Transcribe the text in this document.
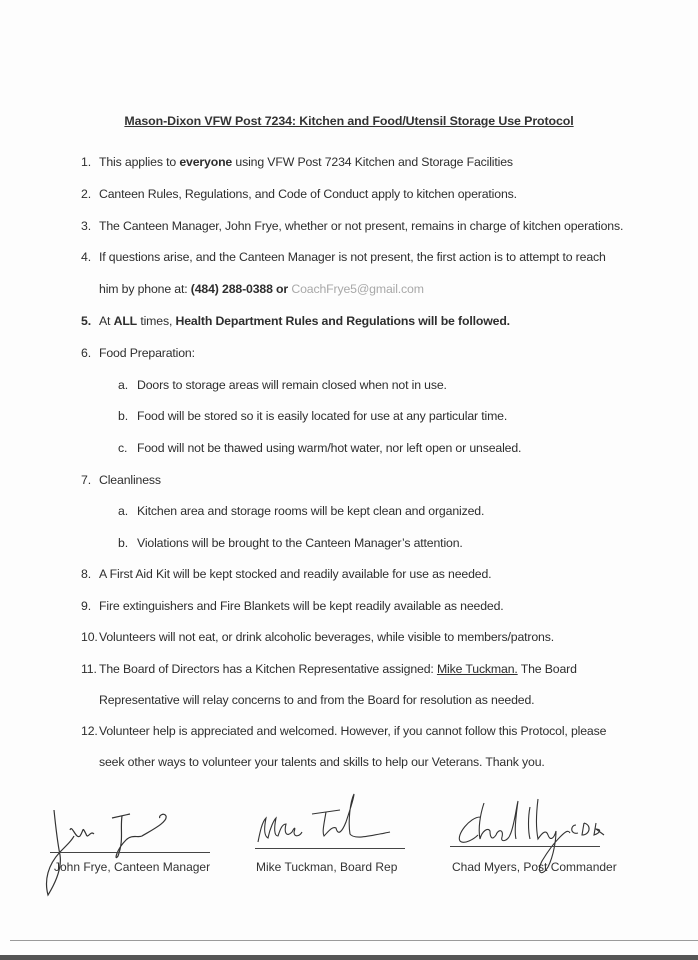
Mason-Dixon VFW Post 7234: Kitchen and Food/Utensil Storage Use Protocol
1. This applies to everyone using VFW Post 7234 Kitchen and Storage Facilities
2. Canteen Rules, Regulations, and Code of Conduct apply to kitchen operations.
3. The Canteen Manager, John Frye, whether or not present, remains in charge of kitchen operations.
4. If questions arise, and the Canteen Manager is not present, the first action is to attempt to reach
him by phone at: (484) 288-0388 or CoachFrye5@gmail.com
5. At ALL times, Health Department Rules and Regulations will be followed.
6. Food Preparation:
a. Doors to storage areas will remain closed when not in use.
b. Food will be stored so it is easily located for use at any particular time.
c. Food will not be thawed using warm/hot water, nor left open or unsealed.
7. Cleanliness
a. Kitchen area and storage rooms will be kept clean and organized.
b. Violations will be brought to the Canteen Manager’s attention.
8. A First Aid Kit will be kept stocked and readily available for use as needed.
9. Fire extinguishers and Fire Blankets will be kept readily available as needed.
10. Volunteers will not eat, or drink alcoholic beverages, while visible to members/patrons.
11. The Board of Directors has a Kitchen Representative assigned: Mike Tuckman. The Board
Representative will relay concerns to and from the Board for resolution as needed.
12. Volunteer help is appreciated and welcomed. However, if you cannot follow this Protocol, please
seek other ways to volunteer your talents and skills to help our Veterans. Thank you.
John Frye, Canteen Manager	Mike Tuckman, Board Rep	Chad Myers, Post Commander
